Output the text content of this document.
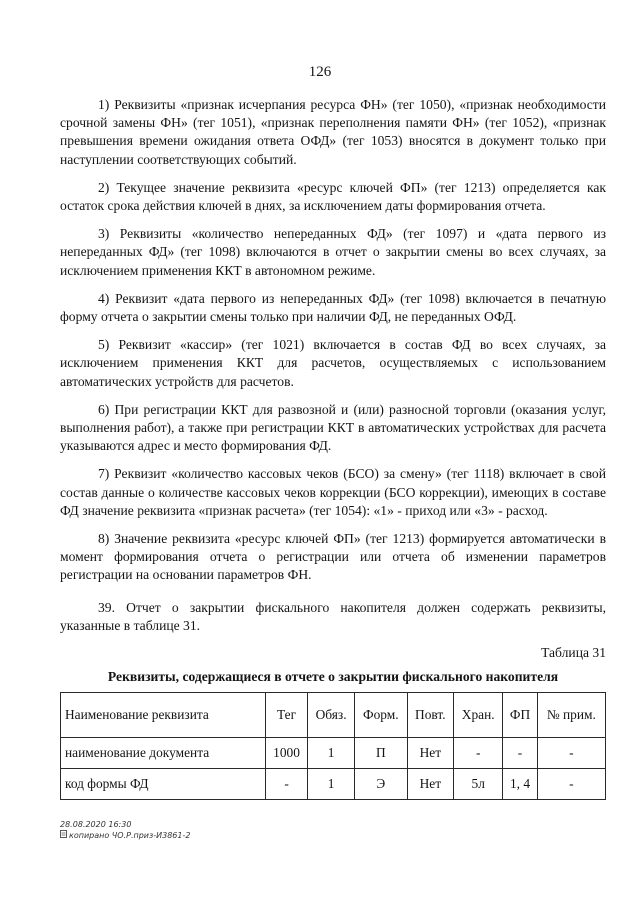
126

1) Реквизиты «признак исчерпания ресурса ФН» (тег 1050), «признак необходимости срочной замены ФН» (тег 1051), «признак переполнения памяти ФН» (тег 1052), «признак превышения времени ожидания ответа ОФД» (тег 1053) вносятся в документ только при наступлении соответствующих событий.

2) Текущее значение реквизита «ресурс ключей ФП» (тег 1213) определяется как остаток срока действия ключей в днях, за исключением даты формирования отчета.

3) Реквизиты «количество непереданных ФД» (тег 1097) и «дата первого из непереданных ФД» (тег 1098) включаются в отчет о закрытии смены во всех случаях, за исключением применения ККТ в автономном режиме.

4) Реквизит «дата первого из непереданных ФД» (тег 1098) включается в печатную форму отчета о закрытии смены только при наличии ФД, не переданных ОФД.

5) Реквизит «кассир» (тег 1021) включается в состав ФД во всех случаях, за исключением применения ККТ для расчетов, осуществляемых с использованием автоматических устройств для расчетов.

6) При регистрации ККТ для развозной и (или) разносной торговли (оказания услуг, выполнения работ), а также при регистрации ККТ в автоматических устройствах для расчета указываются адрес и место формирования ФД.

7) Реквизит «количество кассовых чеков (БСО) за смену» (тег 1118) включает в свой состав данные о количестве кассовых чеков коррекции (БСО коррекции), имеющих в составе ФД значение реквизита «признак расчета» (тег 1054): «1» - приход или «3» - расход.

8) Значение реквизита «ресурс ключей ФП» (тег 1213) формируется автоматически в момент формирования отчета о регистрации или отчета об изменении параметров регистрации на основании параметров ФН.

39. Отчет о закрытии фискального накопителя должен содержать реквизиты, указанные в таблице 31.

Таблица 31
Реквизиты, содержащиеся в отчете о закрытии фискального накопителя
Наименование реквизита	Тег	Обяз.	Форм.	Повт.	Хран.	ФП	№ прим.
наименование документа	1000	1	П	Нет	-	-	-
код формы ФД	-	1	Э	Нет	5л	1, 4	-
28.08.2020 16:30
копирано ЧО.Р.приз-И3861-2
